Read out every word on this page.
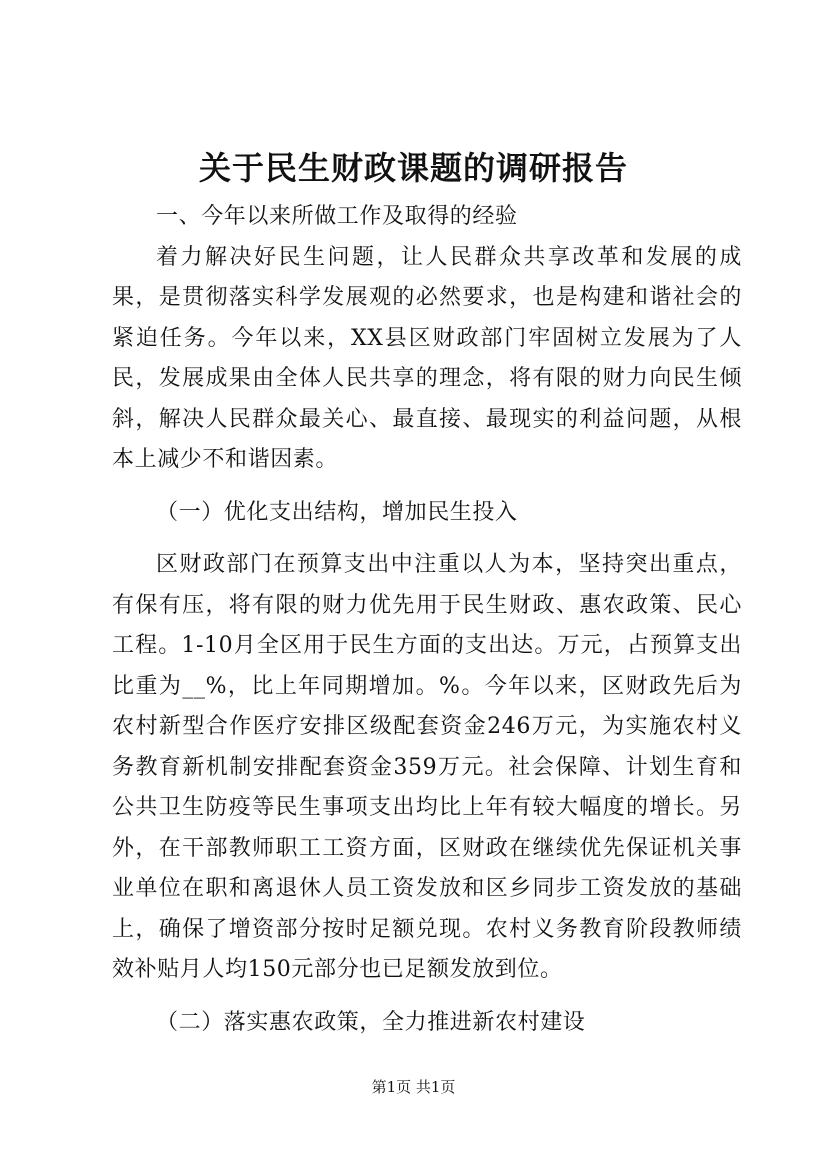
关于民生财政课题的调研报告

一、今年以来所做工作及取得的经验

着力解决好民生问题，让人民群众共享改革和发展的成果，是贯彻落实科学发展观的必然要求，也是构建和谐社会的紧迫任务。今年以来，XX县区财政部门牢固树立发展为了人民，发展成果由全体人民共享的理念，将有限的财力向民生倾斜，解决人民群众最关心、最直接、最现实的利益问题，从根本上减少不和谐因素。

（一）优化支出结构，增加民生投入

区财政部门在预算支出中注重以人为本，坚持突出重点，有保有压，将有限的财力优先用于民生财政、惠农政策、民心工程。1-10月全区用于民生方面的支出达。万元，占预算支出比重为__%，比上年同期增加。%。今年以来，区财政先后为农村新型合作医疗安排区级配套资金246万元，为实施农村义务教育新机制安排配套资金359万元。社会保障、计划生育和公共卫生防疫等民生事项支出均比上年有较大幅度的增长。另外，在干部教师职工工资方面，区财政在继续优先保证机关事业单位在职和离退休人员工资发放和区乡同步工资发放的基础上，确保了增资部分按时足额兑现。农村义务教育阶段教师绩效补贴月人均150元部分也已足额发放到位。

（二）落实惠农政策，全力推进新农村建设

第1页 共1页
